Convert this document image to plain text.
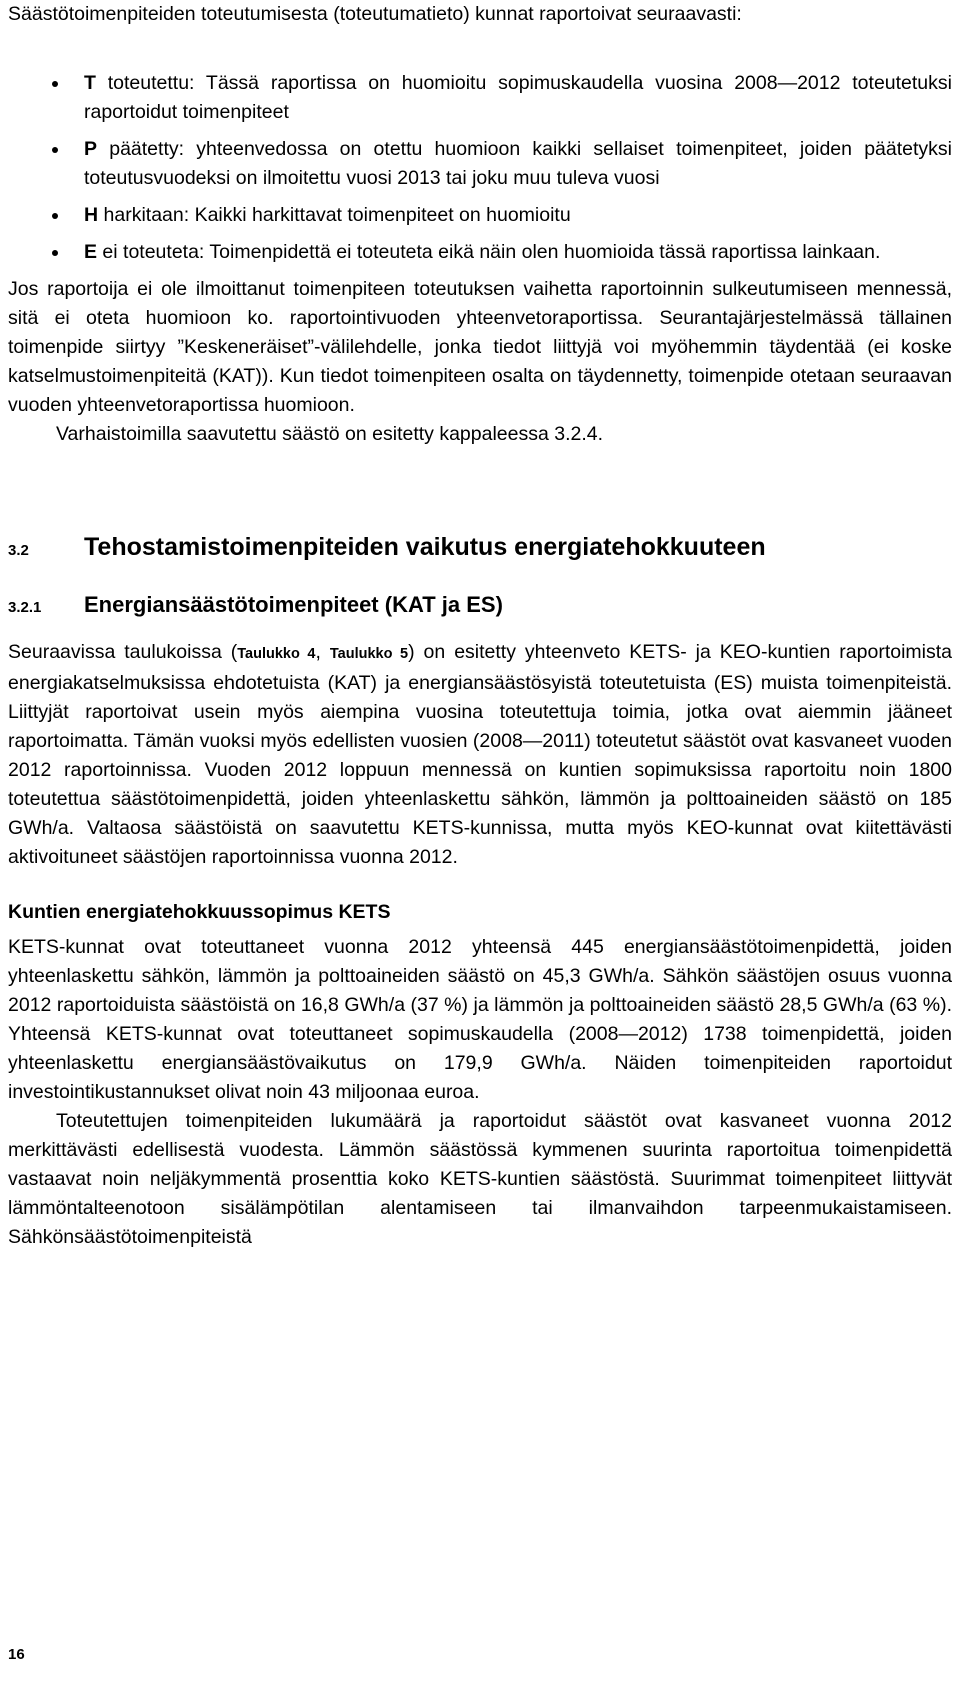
Säästötoimenpiteiden toteutumisesta (toteutumatieto) kunnat raportoivat seuraavasti:

T toteutettu: Tässä raportissa on huomioitu sopimuskaudella vuosina 2008—2012 toteutetuksi raportoidut toimenpiteet
P päätetty: yhteenvedossa on otettu huomioon kaikki sellaiset toimenpiteet, joiden päätetyksi toteutusvuodeksi on ilmoitettu vuosi 2013 tai joku muu tuleva vuosi
H harkitaan: Kaikki harkittavat toimenpiteet on huomioitu
E ei toteuteta: Toimenpidettä ei toteuteta eikä näin olen huomioida tässä raportissa lainkaan.

Jos raportoija ei ole ilmoittanut toimenpiteen toteutuksen vaihetta raportoinnin sulkeutumiseen mennessä, sitä ei oteta huomioon ko. raportointivuoden yhteenvetoraportissa. Seurantajärjestelmässä tällainen toimenpide siirtyy ”Keskeneräiset”-välilehdelle, jonka tiedot liittyjä voi myöhemmin täydentää (ei koske katselmustoimenpiteitä (KAT)). Kun tiedot toimenpiteen osalta on täydennetty, toimenpide otetaan seuraavan vuoden yhteenvetoraportissa huomioon.

Varhaistoimilla saavutettu säästö on esitetty kappaleessa 3.2.4.

3.2	Tehostamistoimenpiteiden vaikutus energiatehokkuuteen
3.2.1	Energiansäästötoimenpiteet (KAT ja ES)

Seuraavissa taulukoissa (Taulukko 4, Taulukko 5) on esitetty yhteenveto KETS- ja KEO-kuntien raportoimista energiakatselmuksissa ehdotetuista (KAT) ja energiansäästösyistä toteutetuista (ES) muista toimenpiteistä. Liittyjät raportoivat usein myös aiempina vuosina toteutettuja toimia, jotka ovat aiemmin jääneet raportoimatta. Tämän vuoksi myös edellisten vuosien (2008—2011) toteutetut säästöt ovat kasvaneet vuoden 2012 raportoinnissa. Vuoden 2012 loppuun mennessä on kuntien sopimuksissa raportoitu noin 1800 toteutettua säästötoimenpidettä, joiden yhteenlaskettu sähkön, lämmön ja polttoaineiden säästö on 185 GWh/a. Valtaosa säästöistä on saavutettu KETS-kunnissa, mutta myös KEO-kunnat ovat kiitettävästi aktivoituneet säästöjen raportoinnissa vuonna 2012.

Kuntien energiatehokkuussopimus KETS

KETS-kunnat ovat toteuttaneet vuonna 2012 yhteensä 445 energiansäästötoimenpidettä, joiden yhteenlaskettu sähkön, lämmön ja polttoaineiden säästö on 45,3 GWh/a. Sähkön säästöjen osuus vuonna 2012 raportoiduista säästöistä on 16,8 GWh/a (37 %) ja lämmön ja polttoaineiden säästö 28,5 GWh/a (63 %). Yhteensä KETS-kunnat ovat toteuttaneet sopimuskaudella (2008—2012) 1738 toimenpidettä, joiden yhteenlaskettu energiansäästövaikutus on 179,9 GWh/a. Näiden toimenpiteiden raportoidut investointikustannukset olivat noin 43 miljoonaa euroa.

Toteutettujen toimenpiteiden lukumäärä ja raportoidut säästöt ovat kasvaneet vuonna 2012 merkittävästi edellisestä vuodesta. Lämmön säästössä kymmenen suurinta raportoitua toimenpidettä vastaavat noin neljäkymmentä prosenttia koko KETS-kuntien säästöstä. Suurimmat toimenpiteet liittyvät lämmöntalteenotoon sisälämpötilan alentamiseen tai ilmanvaihdon tarpeenmukaistamiseen. Sähkönsäästötoimenpiteistä

16
